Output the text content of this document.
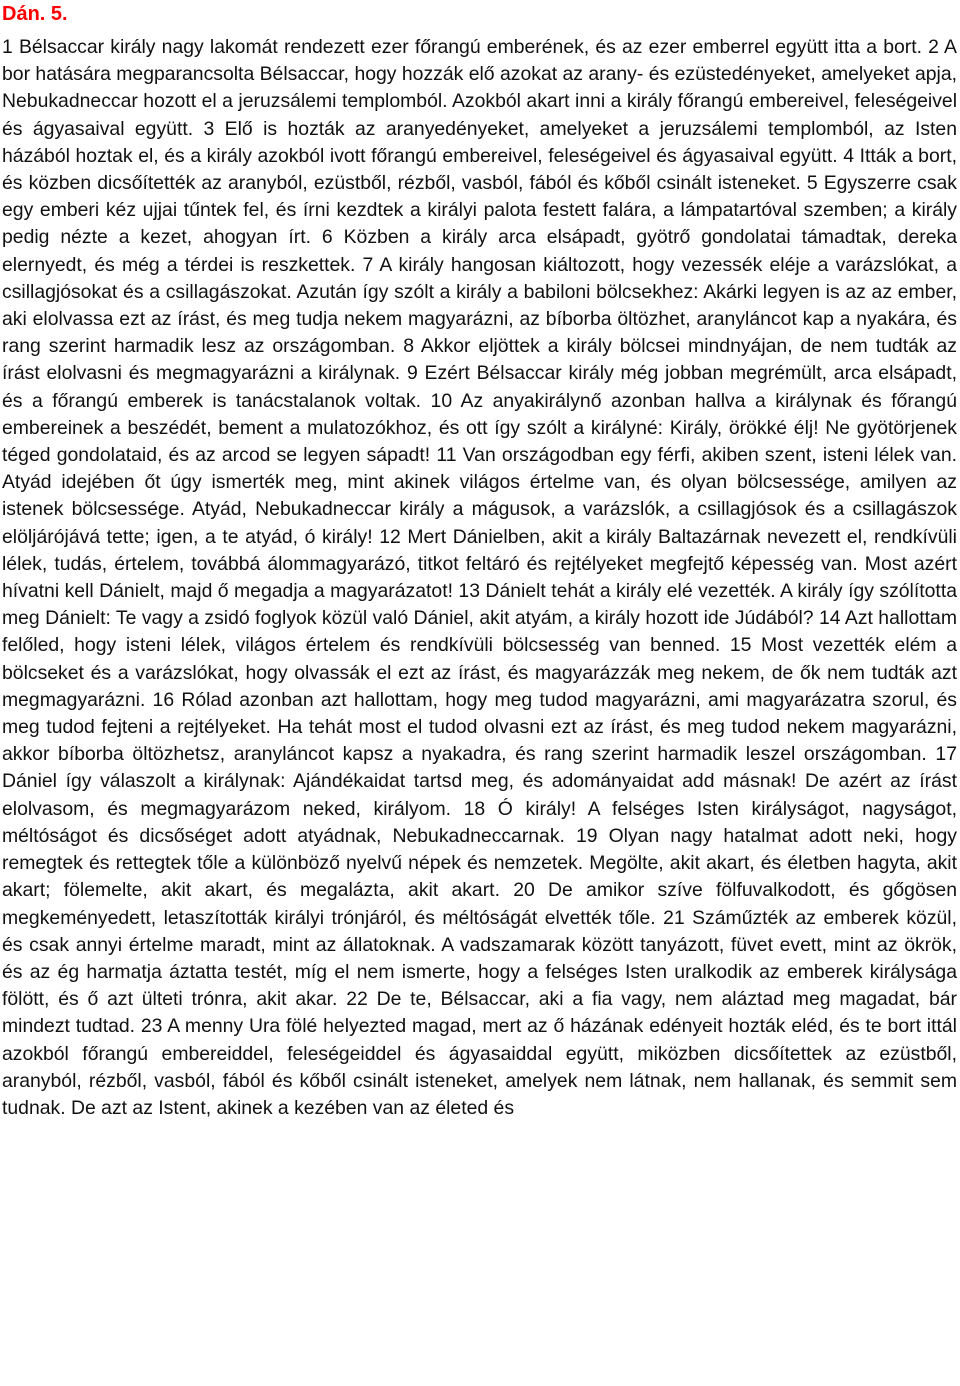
Dán. 5.

1 Bélsaccar király nagy lakomát rendezett ezer főrangú emberének, és az ezer emberrel együtt itta a bort. 2 A bor hatására megparancsolta Bélsaccar, hogy hozzák elő azokat az arany- és ezüstedényeket, amelyeket apja, Nebukadneccar hozott el a jeruzsálemi templomból. Azokból akart inni a király főrangú embereivel, feleségeivel és ágyasaival együtt. 3 Elő is hozták az aranyedényeket, amelyeket a jeruzsálemi templomból, az Isten házából hoztak el, és a király azokból ivott főrangú embereivel, feleségeivel és ágyasaival együtt. 4 Itták a bort, és közben dicsőítették az aranyból, ezüstből, rézből, vasból, fából és kőből csinált isteneket. 5 Egyszerre csak egy emberi kéz ujjai tűntek fel, és írni kezdtek a királyi palota festett falára, a lámpatartóval szemben; a király pedig nézte a kezet, ahogyan írt. 6 Közben a király arca elsápadt, gyötrő gondolatai támadtak, dereka elernyedt, és még a térdei is reszkettek. 7 A király hangosan kiáltozott, hogy vezessék eléje a varázslókat, a csillagjósokat és a csillagászokat. Azután így szólt a király a babiloni bölcsekhez: Akárki legyen is az az ember, aki elolvassa ezt az írást, és meg tudja nekem magyarázni, az bíborba öltözhet, aranyláncot kap a nyakára, és rang szerint harmadik lesz az országomban. 8 Akkor eljöttek a király bölcsei mindnyájan, de nem tudták az írást elolvasni és megmagyarázni a királynak. 9 Ezért Bélsaccar király még jobban megrémült, arca elsápadt, és a főrangú emberek is tanácstalanok voltak. 10 Az anyakirálynő azonban hallva a királynak és főrangú embereinek a beszédét, bement a mulatozókhoz, és ott így szólt a királyné: Király, örökké élj! Ne gyötörjenek téged gondolataid, és az arcod se legyen sápadt! 11 Van országodban egy férfi, akiben szent, isteni lélek van. Atyád idejében őt úgy ismerték meg, mint akinek világos értelme van, és olyan bölcsessége, amilyen az istenek bölcsessége. Atyád, Nebukadneccar király a mágusok, a varázslók, a csillagjósok és a csillagászok elöljárójává tette; igen, a te atyád, ó király! 12 Mert Dánielben, akit a király Baltazárnak nevezett el, rendkívüli lélek, tudás, értelem, továbbá álommagyarázó, titkot feltáró és rejtélyeket megfejtő képesség van. Most azért hívatni kell Dánielt, majd ő megadja a magyarázatot! 13 Dánielt tehát a király elé vezették. A király így szólította meg Dánielt: Te vagy a zsidó foglyok közül való Dániel, akit atyám, a király hozott ide Júdából? 14 Azt hallottam felőled, hogy isteni lélek, világos értelem és rendkívüli bölcsesség van benned. 15 Most vezették elém a bölcseket és a varázslókat, hogy olvassák el ezt az írást, és magyarázzák meg nekem, de ők nem tudták azt megmagyarázni. 16 Rólad azonban azt hallottam, hogy meg tudod magyarázni, ami magyarázatra szorul, és meg tudod fejteni a rejtélyeket. Ha tehát most el tudod olvasni ezt az írást, és meg tudod nekem magyarázni, akkor bíborba öltözhetsz, aranyláncot kapsz a nyakadra, és rang szerint harmadik leszel országomban. 17 Dániel így válaszolt a királynak: Ajándékaidat tartsd meg, és adományaidat add másnak! De azért az írást elolvasom, és megmagyarázom neked, királyom. 18 Ó király! A felséges Isten királyságot, nagyságot, méltóságot és dicsőséget adott atyádnak, Nebukadneccarnak. 19 Olyan nagy hatalmat adott neki, hogy remegtek és rettegtek tőle a különböző nyelvű népek és nemzetek. Megölte, akit akart, és életben hagyta, akit akart; fölemelte, akit akart, és megalázta, akit akart. 20 De amikor szíve fölfuvalkodott, és gőgösen megkeményedett, letaszították királyi trónjáról, és méltóságát elvették tőle. 21 Száműzték az emberek közül, és csak annyi értelme maradt, mint az állatoknak. A vadszamarak között tanyázott, füvet evett, mint az ökrök, és az ég harmatja áztatta testét, míg el nem ismerte, hogy a felséges Isten uralkodik az emberek királysága fölött, és ő azt ülteti trónra, akit akar. 22 De te, Bélsaccar, aki a fia vagy, nem aláztad meg magadat, bár mindezt tudtad. 23 A menny Ura fölé helyezted magad, mert az ő házának edényeit hozták eléd, és te bort ittál azokból főrangú embereiddel, feleségeiddel és ágyasaiddal együtt, miközben dicsőítettek az ezüstből, aranyból, rézből, vasból, fából és kőből csinált isteneket, amelyek nem látnak, nem hallanak, és semmit sem tudnak. De azt az Istent, akinek a kezében van az életed és
